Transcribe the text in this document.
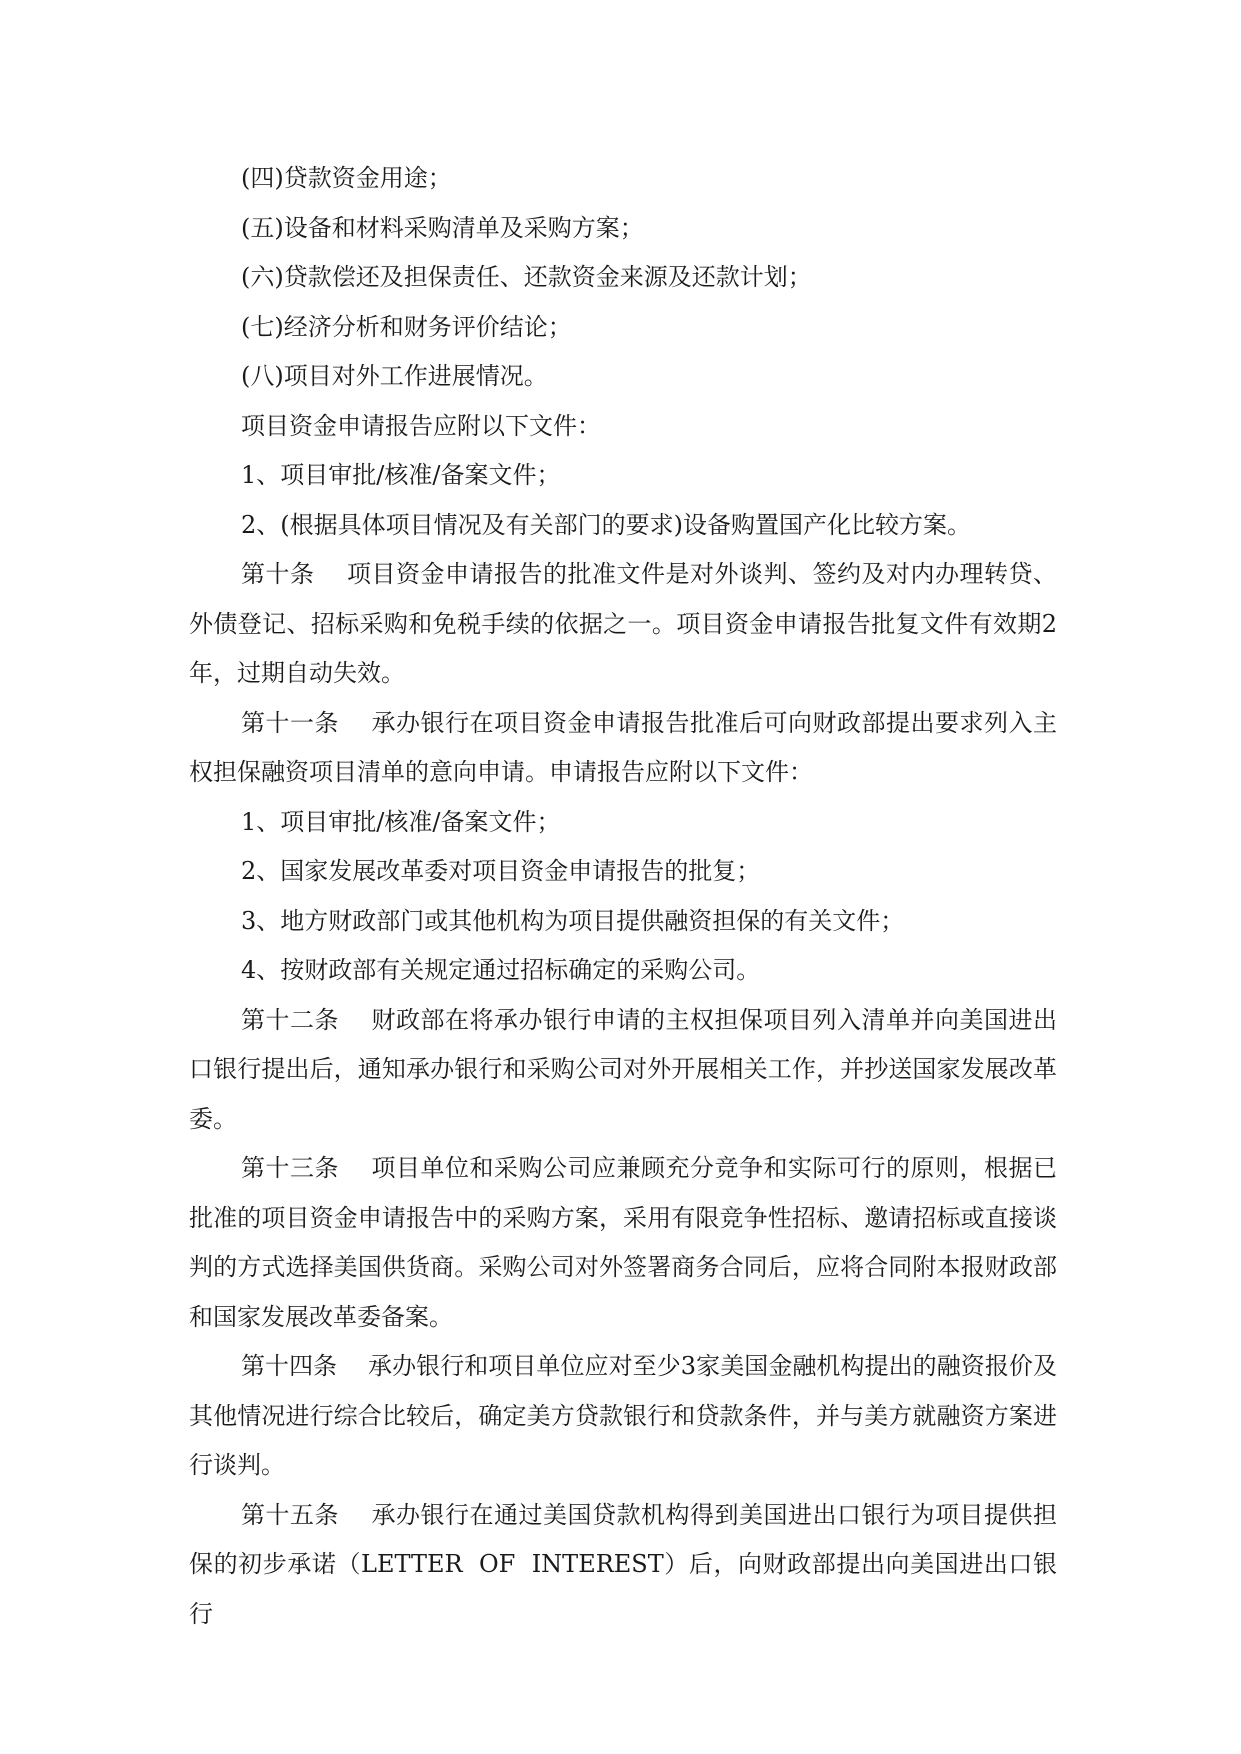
(四)贷款资金用途；

(五)设备和材料采购清单及采购方案；

(六)贷款偿还及担保责任、还款资金来源及还款计划；

(七)经济分析和财务评价结论；

(八)项目对外工作进展情况。

项目资金申请报告应附以下文件：

1、项目审批/核准/备案文件；

2、(根据具体项目情况及有关部门的要求)设备购置国产化比较方案。

第十条    项目资金申请报告的批准文件是对外谈判、签约及对内办理转贷、外债登记、招标采购和免税手续的依据之一。项目资金申请报告批复文件有效期2年，过期自动失效。

第十一条    承办银行在项目资金申请报告批准后可向财政部提出要求列入主权担保融资项目清单的意向申请。申请报告应附以下文件：

1、项目审批/核准/备案文件；

2、国家发展改革委对项目资金申请报告的批复；

3、地方财政部门或其他机构为项目提供融资担保的有关文件；

4、按财政部有关规定通过招标确定的采购公司。

第十二条    财政部在将承办银行申请的主权担保项目列入清单并向美国进出口银行提出后，通知承办银行和采购公司对外开展相关工作，并抄送国家发展改革委。

第十三条    项目单位和采购公司应兼顾充分竞争和实际可行的原则，根据已批准的项目资金申请报告中的采购方案，采用有限竞争性招标、邀请招标或直接谈判的方式选择美国供货商。采购公司对外签署商务合同后，应将合同附本报财政部和国家发展改革委备案。

第十四条    承办银行和项目单位应对至少3家美国金融机构提出的融资报价及其他情况进行综合比较后，确定美方贷款银行和贷款条件，并与美方就融资方案进行谈判。

第十五条    承办银行在通过美国贷款机构得到美国进出口银行为项目提供担保的初步承诺（LETTER  OF  INTEREST）后，向财政部提出向美国进出口银行
